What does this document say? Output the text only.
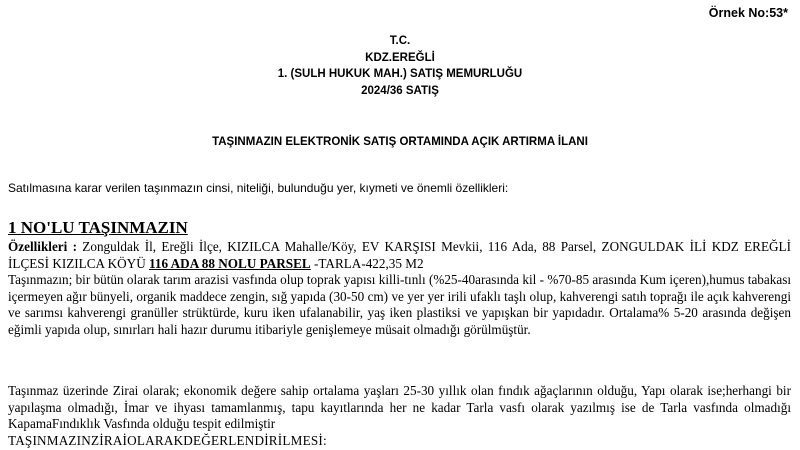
Örnek No:53*
T.C.
KDZ.EREĞLİ
1. (SULH HUKUK MAH.) SATIŞ MEMURLUĞU
2024/36 SATIŞ
TAŞINMAZIN ELEKTRONİK SATIŞ ORTAMINDA AÇIK ARTIRMA İLANI
Satılmasına karar verilen taşınmazın cinsi, niteliği, bulunduğu yer, kıymeti ve önemli özellikleri:
1 NO'LU TAŞINMAZIN
Özellikleri : Zonguldak İl, Ereğli İlçe, KIZILCA Mahalle/Köy, EV KARŞISI Mevkii, 116 Ada, 88 Parsel, ZONGULDAK İLİ KDZ EREĞLİ İLÇESİ KIZILCA KÖYÜ 116 ADA 88 NOLU PARSEL -TARLA-422,35 M2
Taşınmazın; bir bütün olarak tarım arazisi vasfında olup toprak yapısı killi-tınlı (%25-40arasında kil - %70-85 arasında Kum içeren),humus tabakası içermeyen ağır bünyeli, organik maddece zengin, sığ yapıda (30-50 cm) ve yer yer irili ufaklı taşlı olup, kahverengi satıh toprağı ile açık kahverengi ve sarımsı kahverengi granüller strüktürde, kuru iken ufalanabilir, yaş iken plastiksi ve yapışkan bir yapıdadır. Ortalama% 5-20 arasında değişen eğimli yapıda olup, sınırları hali hazır durumu itibariyle genişlemeye müsait olmadığı görülmüştür.
Taşınmaz üzerinde Zirai olarak; ekonomik değere sahip ortalama yaşları 25-30 yıllık olan fındık ağaçlarının olduğu, Yapı olarak ise;herhangi bir yapılaşma olmadığı, İmar ve ihyası tamamlanmış, tapu kayıtlarında her ne kadar Tarla vasfı olarak yazılmış ise de Tarla vasfında olmadığı KapamaFındıklık Vasfında olduğu tespit edilmiştir
TAŞINMAZINZİRAİOLARAKDEĞERLENDİRİLMESİ:
